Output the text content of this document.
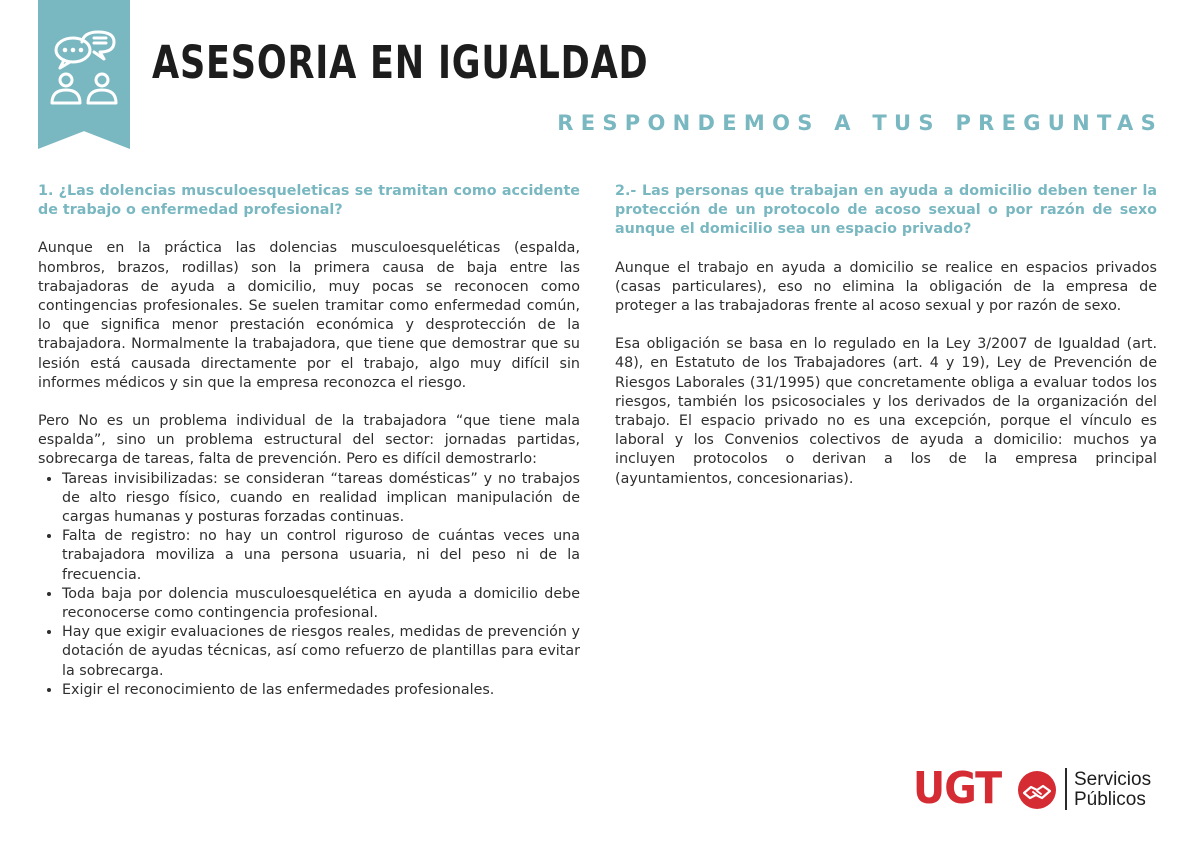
ASESORIA EN IGUALDAD
RESPONDEMOS A TUS PREGUNTAS
1. ¿Las dolencias musculoesqueleticas se tramitan como accidente de trabajo o enfermedad profesional?

Aunque en la práctica las dolencias musculoesqueléticas (espalda, hombros, brazos, rodillas) son la primera causa de baja entre las trabajadoras de ayuda a domicilio, muy pocas se reconocen como contingencias profesionales. Se suelen tramitar como enfermedad común, lo que significa menor prestación económica y desprotección de la trabajadora. Normalmente la trabajadora, que tiene que demostrar que su lesión está causada directamente por el trabajo, algo muy difícil sin informes médicos y sin que la empresa reconozca el riesgo.

Pero No es un problema individual de la trabajadora “que tiene mala espalda”, sino un problema estructural del sector: jornadas partidas, sobrecarga de tareas, falta de prevención. Pero es difícil demostrarlo:

• Tareas invisibilizadas: se consideran “tareas domésticas” y no trabajos de alto riesgo físico, cuando en realidad implican manipulación de cargas humanas y posturas forzadas continuas.
• Falta de registro: no hay un control riguroso de cuántas veces una trabajadora moviliza a una persona usuaria, ni del peso ni de la frecuencia.
• Toda baja por dolencia musculoesquelética en ayuda a domicilio debe reconocerse como contingencia profesional.
• Hay que exigir evaluaciones de riesgos reales, medidas de prevención y dotación de ayudas técnicas, así como refuerzo de plantillas para evitar la sobrecarga.
• Exigir el reconocimiento de las enfermedades profesionales.
2.- Las personas que trabajan en ayuda a domicilio deben tener la protección de un protocolo de acoso sexual o por razón de sexo aunque el domicilio sea un espacio privado?

Aunque el trabajo en ayuda a domicilio se realice en espacios privados (casas particulares), eso no elimina la obligación de la empresa de proteger a las trabajadoras frente al acoso sexual y por razón de sexo.

Esa obligación se basa en lo regulado en la Ley 3/2007 de Igualdad (art. 48), en Estatuto de los Trabajadores (art. 4 y 19), Ley de Prevención de Riesgos Laborales (31/1995) que concretamente obliga a evaluar todos los riesgos, también los psicosociales y los derivados de la organización del trabajo. El espacio privado no es una excepción, porque el vínculo es laboral y los Convenios colectivos de ayuda a domicilio: muchos ya incluyen protocolos o derivan a los de la empresa principal (ayuntamientos, concesionarias).

UGT	Servicios
Públicos
